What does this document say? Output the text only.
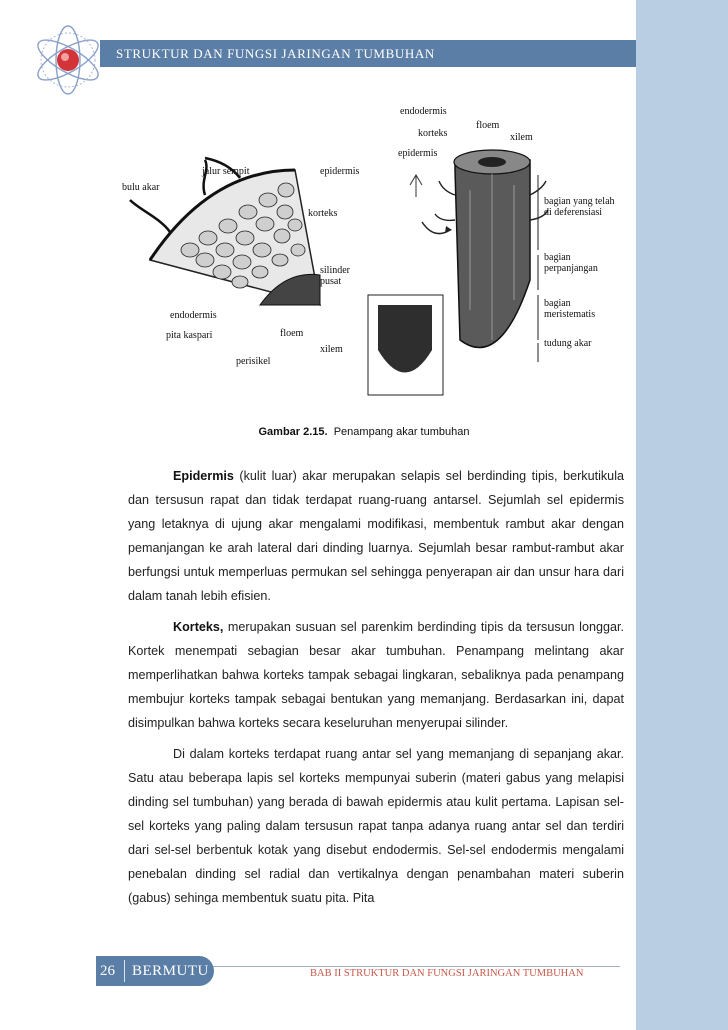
STRUKTUR DAN FUNGSI JARINGAN TUMBUHAN
jalur sempit	epidermis
bulu akar
korteks
silinder pusat
endodermis
pita kaspari	floem
xilem
perisikel
endodermis
floem
korteks	xilem
epidermis
bagian yang telah di deferensiasi
bagian perpanjangan
bagian meristematis
tudung akar
Gambar 2.15. Penampang akar tumbuhan

Epidermis (kulit luar) akar merupakan selapis sel berdinding tipis, berkutikula dan tersusun rapat dan tidak terdapat ruang-ruang antarsel. Sejumlah sel epidermis yang letaknya di ujung akar mengalami modifikasi, membentuk rambut akar dengan pemanjangan ke arah lateral dari dinding luarnya. Sejumlah besar rambut-rambut akar berfungsi untuk memperluas permukan sel sehingga penyerapan air dan unsur hara dari dalam tanah lebih efisien.

Korteks, merupakan susuan sel parenkim berdinding tipis da tersusun longgar. Kortek menempati sebagian besar akar tumbuhan. Penampang melintang akar memperlihatkan bahwa korteks tampak sebagai lingkaran, sebaliknya pada penampang membujur korteks tampak sebagai bentukan yang memanjang. Berdasarkan ini, dapat disimpulkan bahwa korteks secara keseluruhan menyerupai silinder.

Di dalam korteks terdapat ruang antar sel yang memanjang di sepanjang akar. Satu atau beberapa lapis sel korteks mempunyai suberin (materi gabus yang melapisi dinding sel tumbuhan) yang berada di bawah epidermis atau kulit pertama. Lapisan sel-sel korteks yang paling dalam tersusun rapat tanpa adanya ruang antar sel dan terdiri dari sel-sel berbentuk kotak yang disebut endodermis. Sel-sel endodermis mengalami penebalan dinding sel radial dan vertikalnya dengan penambahan materi suberin (gabus) sehinga membentuk suatu pita. Pita

26 BERMUTU	BAB II STRUKTUR DAN FUNGSI JARINGAN TUMBUHAN
